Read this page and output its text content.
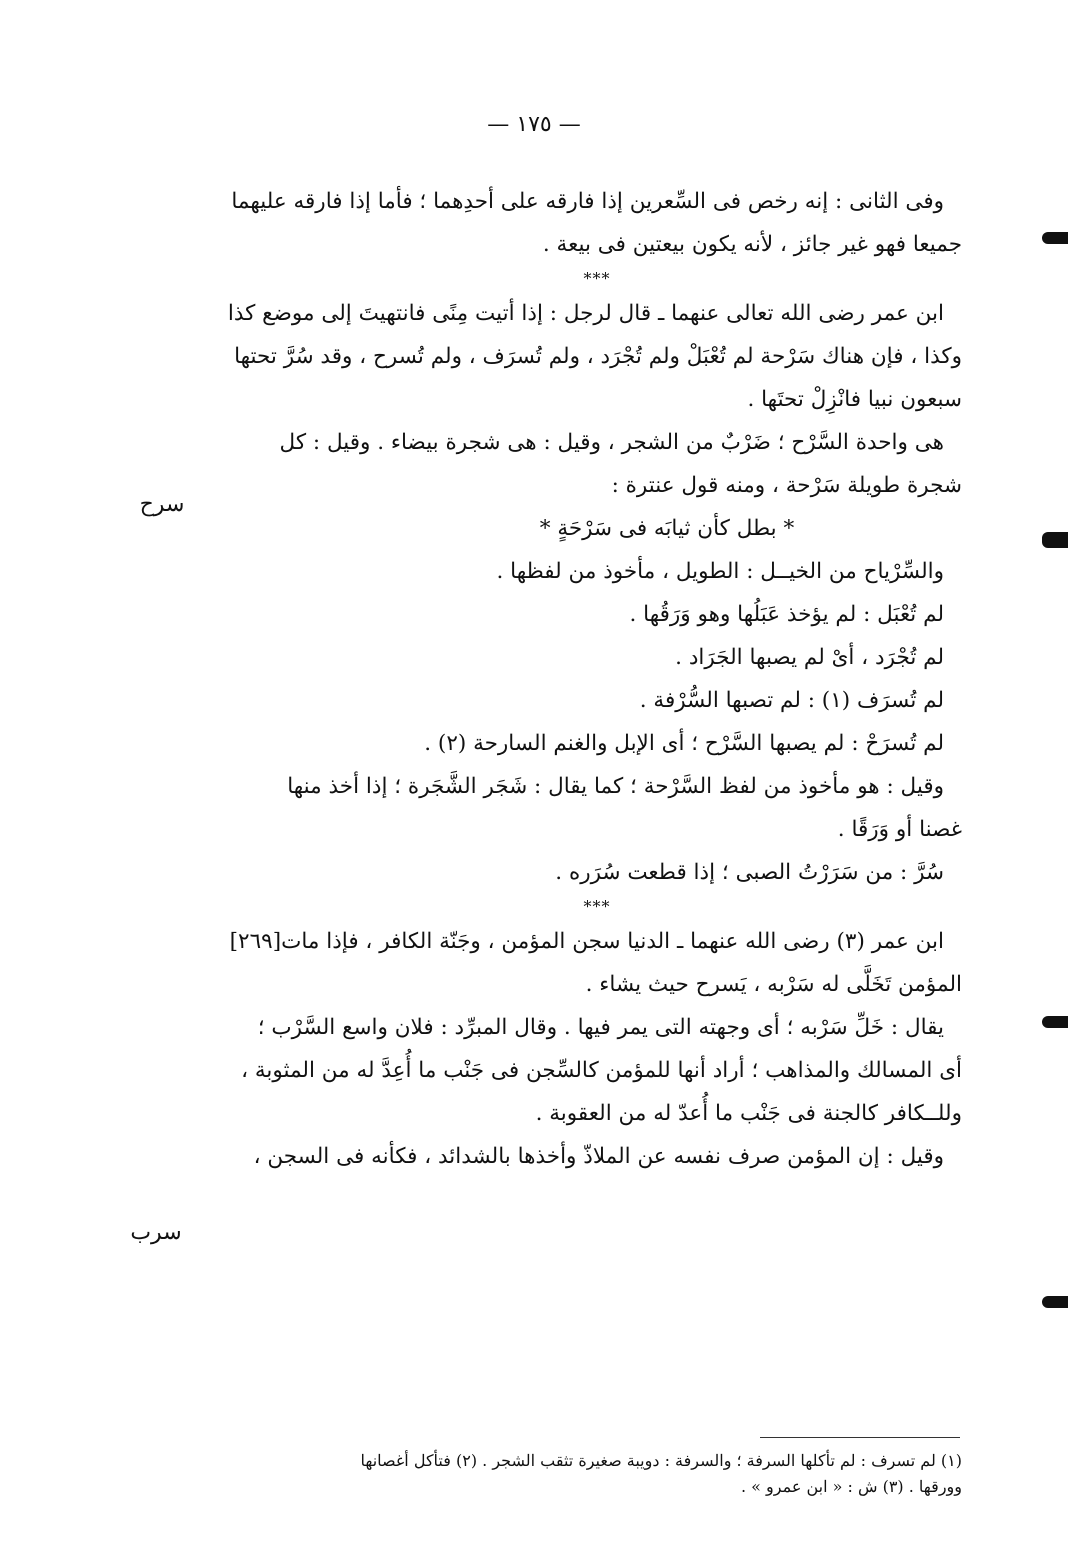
— ١٧٥ —
وفى الثانى : إنه رخص فى السِّعرين إذا فارقه على أحدِهما ؛ فأما إذا فارقه عليهما
جميعا فهو غير جائز ، لأنه يكون بيعتين فى بيعة .
***
ابن عمر رضى الله تعالى عنهما ـ قال لرجل : إذا أتيت مِنًى فانتهيتَ إلى موضع كذا
وكذا ، فإن هناك سَرْحة لم تُعْبَلْ ولم تُجْرَد ، ولم تُسرَف ، ولم تُسرح ، وقد سُرَّ تحتها
سبعون نبيا فانْزِلْ تحتَها .
هى واحدة السَّرْح ؛ ضَرْبٌ من الشجر ، وقيل : هى شجرة بيضاء . وقيل : كل
شجرة طويلة سَرْحة ، ومنه قول عنترة :
* بطل كأن ثيابَه فى سَرْحَةٍ *
والسِّرْياح من الخيــل : الطويل ، مأخوذ من لفظها .
لم تُعْبَل : لم يؤخذ عَبَلُها وهو وَرَقُها .
لم تُجْرَد ، أىْ لم يصبها الجَرَاد .
لم تُسرَف (١) : لم تصبها السُّرْفة .
لم تُسرَحْ : لم يصبها السَّرْح ؛ أى الإبل والغنم السارحة (٢) .
وقيل : هو مأخوذ من لفظ السَّرْحة ؛ كما يقال : شَجَر الشَّجَرة ؛ إذا أخذ منها
غصنا أو وَرَقًا .
سُرَّ : من سَرَرْتُ الصبى ؛ إذا قطعت سُرَره .
***
ابن عمر (٣) رضى الله عنهما ـ الدنيا سجن المؤمن ، وجَنّة الكافر ، فإذا مات[٢٦٩]
المؤمن تَخَلَّى له سَرْبه ، يَسرح حيث يشاء .
يقال : خَلِّ سَرْبه ؛ أى وجهته التى يمر فيها . وقال المبرِّد : فلان واسع السَّرْب ؛
أى المسالك والمذاهب ؛ أراد أنها للمؤمن كالسِّجن فى جَنْب ما أُعِدَّ له من المثوبة ،
وللــكافر كالجنة فى جَنْب ما أُعدّ له من العقوبة .
وقيل : إن المؤمن صرف نفسه عن الملاذّ وأخذها بالشدائد ، فكأنه فى السجن ،
سرح
سرب
(١) لم تسرف : لم تأكلها السرفة ؛ والسرفة : دويبة صغيرة تثقب الشجر . (٢) فتأكل أغصانها
وورقها . (٣) ش : « ابن عمرو » .
